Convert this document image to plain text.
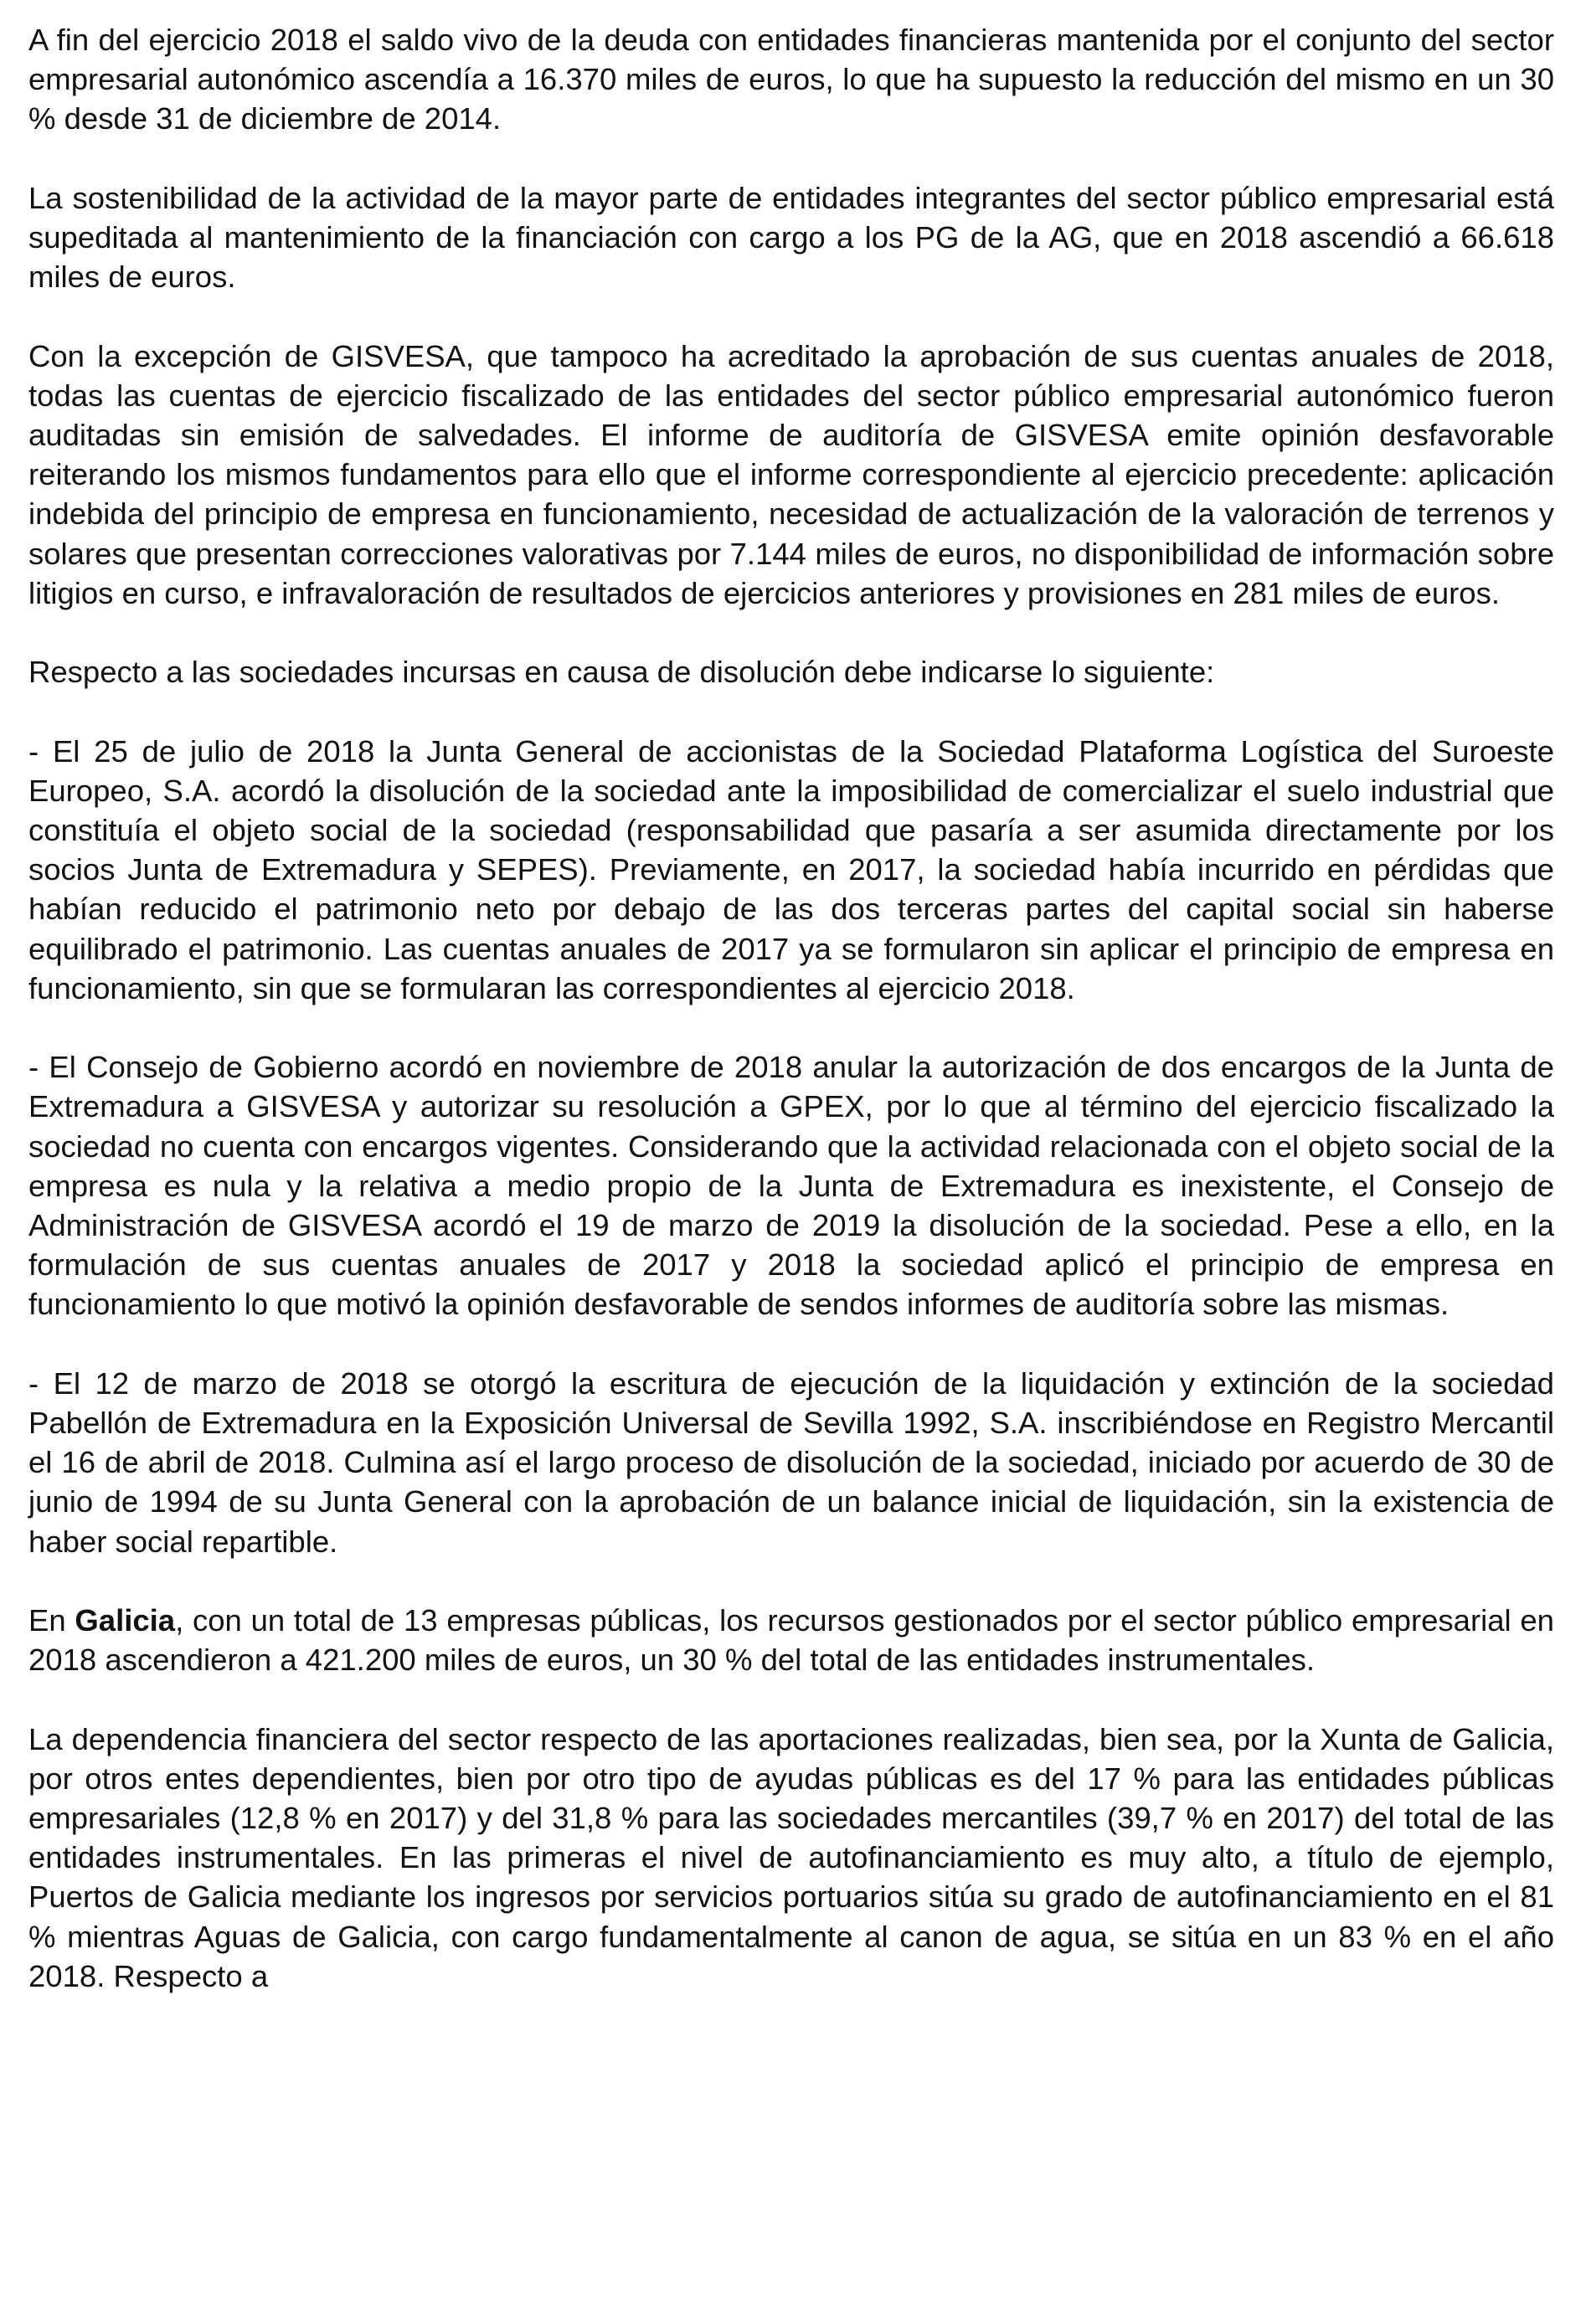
A fin del ejercicio 2018 el saldo vivo de la deuda con entidades financieras mantenida por el conjunto del sector empresarial autonómico ascendía a 16.370 miles de euros, lo que ha supuesto la reducción del mismo en un 30 % desde 31 de diciembre de 2014.

La sostenibilidad de la actividad de la mayor parte de entidades integrantes del sector público empresarial está supeditada al mantenimiento de la financiación con cargo a los PG de la AG, que en 2018 ascendió a 66.618 miles de euros.

Con la excepción de GISVESA, que tampoco ha acreditado la aprobación de sus cuentas anuales de 2018, todas las cuentas de ejercicio fiscalizado de las entidades del sector público empresarial autonómico fueron auditadas sin emisión de salvedades. El informe de auditoría de GISVESA emite opinión desfavorable reiterando los mismos fundamentos para ello que el informe correspondiente al ejercicio precedente: aplicación indebida del principio de empresa en funcionamiento, necesidad de actualización de la valoración de terrenos y solares que presentan correcciones valorativas por 7.144 miles de euros, no disponibilidad de información sobre litigios en curso, e infravaloración de resultados de ejercicios anteriores y provisiones en 281 miles de euros.

Respecto a las sociedades incursas en causa de disolución debe indicarse lo siguiente:

- El 25 de julio de 2018 la Junta General de accionistas de la Sociedad Plataforma Logística del Suroeste Europeo, S.A. acordó la disolución de la sociedad ante la imposibilidad de comercializar el suelo industrial que constituía el objeto social de la sociedad (responsabilidad que pasaría a ser asumida directamente por los socios Junta de Extremadura y SEPES). Previamente, en 2017, la sociedad había incurrido en pérdidas que habían reducido el patrimonio neto por debajo de las dos terceras partes del capital social sin haberse equilibrado el patrimonio. Las cuentas anuales de 2017 ya se formularon sin aplicar el principio de empresa en funcionamiento, sin que se formularan las correspondientes al ejercicio 2018.

- El Consejo de Gobierno acordó en noviembre de 2018 anular la autorización de dos encargos de la Junta de Extremadura a GISVESA y autorizar su resolución a GPEX, por lo que al término del ejercicio fiscalizado la sociedad no cuenta con encargos vigentes. Considerando que la actividad relacionada con el objeto social de la empresa es nula y la relativa a medio propio de la Junta de Extremadura es inexistente, el Consejo de Administración de GISVESA acordó el 19 de marzo de 2019 la disolución de la sociedad. Pese a ello, en la formulación de sus cuentas anuales de 2017 y 2018 la sociedad aplicó el principio de empresa en funcionamiento lo que motivó la opinión desfavorable de sendos informes de auditoría sobre las mismas.

- El 12 de marzo de 2018 se otorgó la escritura de ejecución de la liquidación y extinción de la sociedad Pabellón de Extremadura en la Exposición Universal de Sevilla 1992, S.A. inscribiéndose en Registro Mercantil el 16 de abril de 2018. Culmina así el largo proceso de disolución de la sociedad, iniciado por acuerdo de 30 de junio de 1994 de su Junta General con la aprobación de un balance inicial de liquidación, sin la existencia de haber social repartible.

En Galicia, con un total de 13 empresas públicas, los recursos gestionados por el sector público empresarial en 2018 ascendieron a 421.200 miles de euros, un 30 % del total de las entidades instrumentales.

La dependencia financiera del sector respecto de las aportaciones realizadas, bien sea, por la Xunta de Galicia, por otros entes dependientes, bien por otro tipo de ayudas públicas es del 17 % para las entidades públicas empresariales (12,8 % en 2017) y del 31,8 % para las sociedades mercantiles (39,7 % en 2017) del total de las entidades instrumentales. En las primeras el nivel de autofinanciamiento es muy alto, a título de ejemplo, Puertos de Galicia mediante los ingresos por servicios portuarios sitúa su grado de autofinanciamiento en el 81 % mientras Aguas de Galicia, con cargo fundamentalmente al canon de agua, se sitúa en un 83 % en el año 2018. Respecto a
